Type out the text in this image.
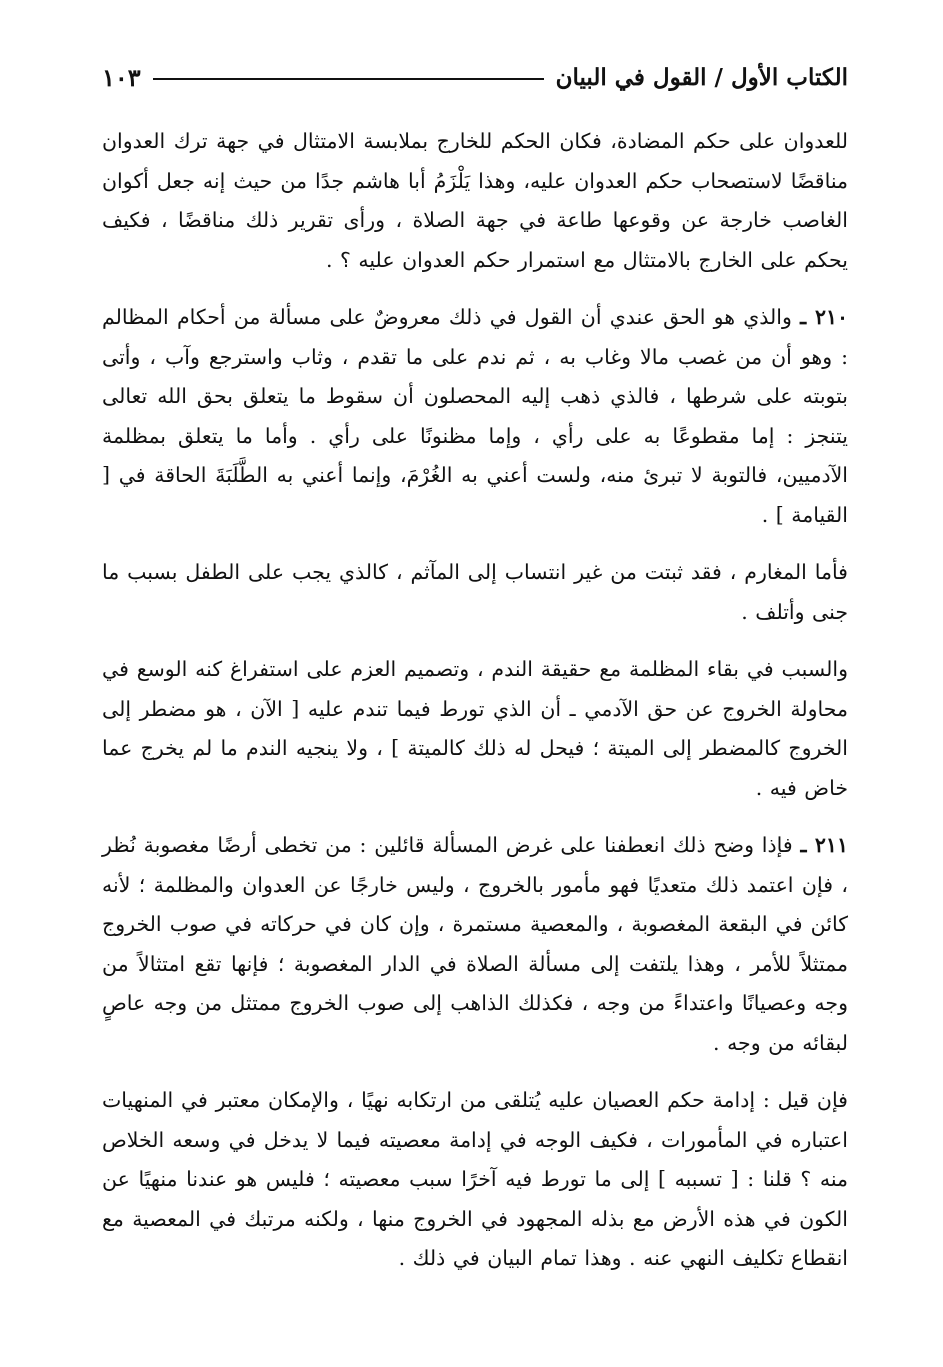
الكتاب الأول / القول في البيان
١٠٣

للعدوان على حكم المضادة، فكان الحكم للخارج بملابسة الامتثال في جهة ترك العدوان مناقضًا لاستصحاب حكم العدوان عليه، وهذا يَلْزَمُ أبا هاشم جدًا من حيث إنه جعل أكوان الغاصب خارجة عن وقوعها طاعة في جهة الصلاة ، ورأى تقرير ذلك مناقضًا ، فكيف يحكم على الخارج بالامتثال مع استمرار حكم العدوان عليه ؟ .

٢١٠ ـ والذي هو الحق عندي أن القول في ذلك معروضٌ على مسألة من أحكام المظالم : وهو أن من غصب مالا وغاب به ، ثم ندم على ما تقدم ، وثاب واسترجع وآب ، وأتى بتوبته على شرطها ، فالذي ذهب إليه المحصلون أن سقوط ما يتعلق بحق الله تعالى يتنجز : إما مقطوعًا به على رأي ، وإما مظنونًا على رأي . وأما ما يتعلق بمظلمة الآدميين، فالتوبة لا تبرئ منه، ولست أعني به الغُرْمَ، وإنما أعني به الطَّلَبَةَ الحاقة في [ القيامة ] .

فأما المغارم ، فقد ثبتت من غير انتساب إلى المآثم ، كالذي يجب على الطفل بسبب ما جنى وأتلف .

والسبب في بقاء المظلمة مع حقيقة الندم ، وتصميم العزم على استفراغ كنه الوسع في محاولة الخروج عن حق الآدمي ـ أن الذي تورط فيما تندم عليه [ الآن ، هو مضطر إلى الخروج كالمضطر إلى الميتة ؛ فيحل له ذلك كالميتة ] ، ولا ينجيه الندم ما لم يخرج عما خاض فيه .

٢١١ ـ فإذا وضح ذلك انعطفنا على غرض المسألة قائلين : من تخطى أرضًا مغصوبة نُظر ، فإن اعتمد ذلك متعديًا فهو مأمور بالخروج ، وليس خارجًا عن العدوان والمظلمة ؛ لأنه كائن في البقعة المغصوبة ، والمعصية مستمرة ، وإن كان في حركاته في صوب الخروج ممتثلاً للأمر ، وهذا يلتفت إلى مسألة الصلاة في الدار المغصوبة ؛ فإنها تقع امتثالاً من وجه وعصيانًا واعتداءً من وجه ، فكذلك الذاهب إلى صوب الخروج ممتثل من وجه عاصٍ لبقائه من وجه .

فإن قيل : إدامة حكم العصيان عليه يُتلقى من ارتكابه نهيًا ، والإمكان معتبر في المنهيات اعتباره في المأمورات ، فكيف الوجه في إدامة معصيته فيما لا يدخل في وسعه الخلاص منه ؟ قلنا : [ تسببه ] إلى ما تورط فيه آخرًا سبب معصيته ؛ فليس هو عندنا منهيًا عن الكون في هذه الأرض مع بذله المجهود في الخروج منها ، ولكنه مرتبك في المعصية مع انقطاع تكليف النهي عنه . وهذا تمام البيان في ذلك .
